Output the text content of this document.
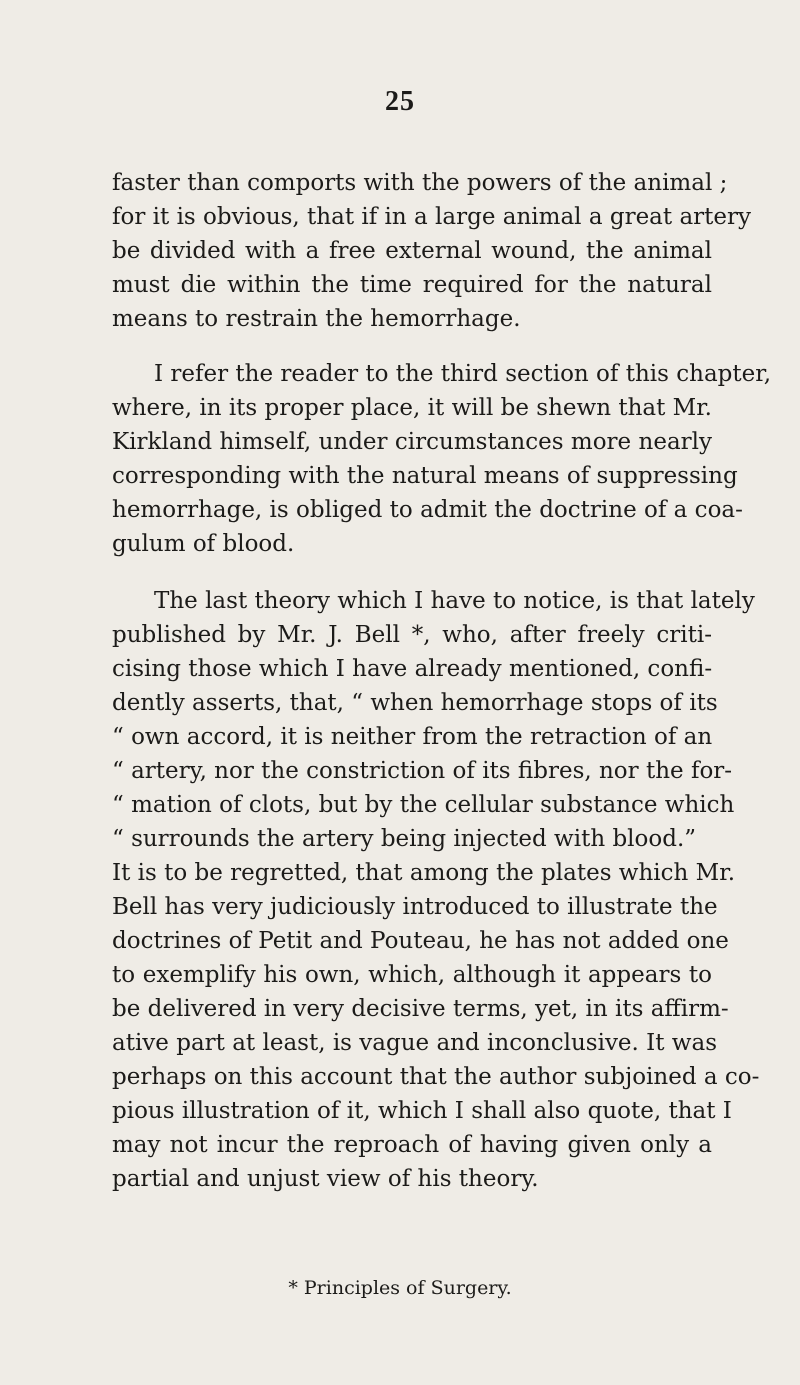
25
faster than comports with the powers of the animal ;
for it is obvious, that if in a large animal a great artery
be divided with a free external wound, the animal
must die within the time required for the natural
means to restrain the hemorrhage.
I refer the reader to the third section of this chapter,
where, in its proper place, it will be shewn that Mr.
Kirkland himself, under circumstances more nearly
corresponding with the natural means of suppressing
hemorrhage, is obliged to admit the doctrine of a coa-
gulum of blood.
The last theory which I have to notice, is that lately
published by Mr. J. Bell *, who, after freely criti-
cising those which I have already mentioned, confi-
dently asserts, that, “ when hemorrhage stops of its
“ own accord, it is neither from the retraction of an
“ artery, nor the constriction of its fibres, nor the for-
“ mation of clots, but by the cellular substance which
“ surrounds the artery being injected with blood.”
It is to be regretted, that among the plates which Mr.
Bell has very judiciously introduced to illustrate the
doctrines of Petit and Pouteau, he has not added one
to exemplify his own, which, although it appears to
be delivered in very decisive terms, yet, in its affirm-
ative part at least, is vague and inconclusive. It was
perhaps on this account that the author subjoined a co-
pious illustration of it, which I shall also quote, that I
may not incur the reproach of having given only a
partial and unjust view of his theory.
* Principles of Surgery.
